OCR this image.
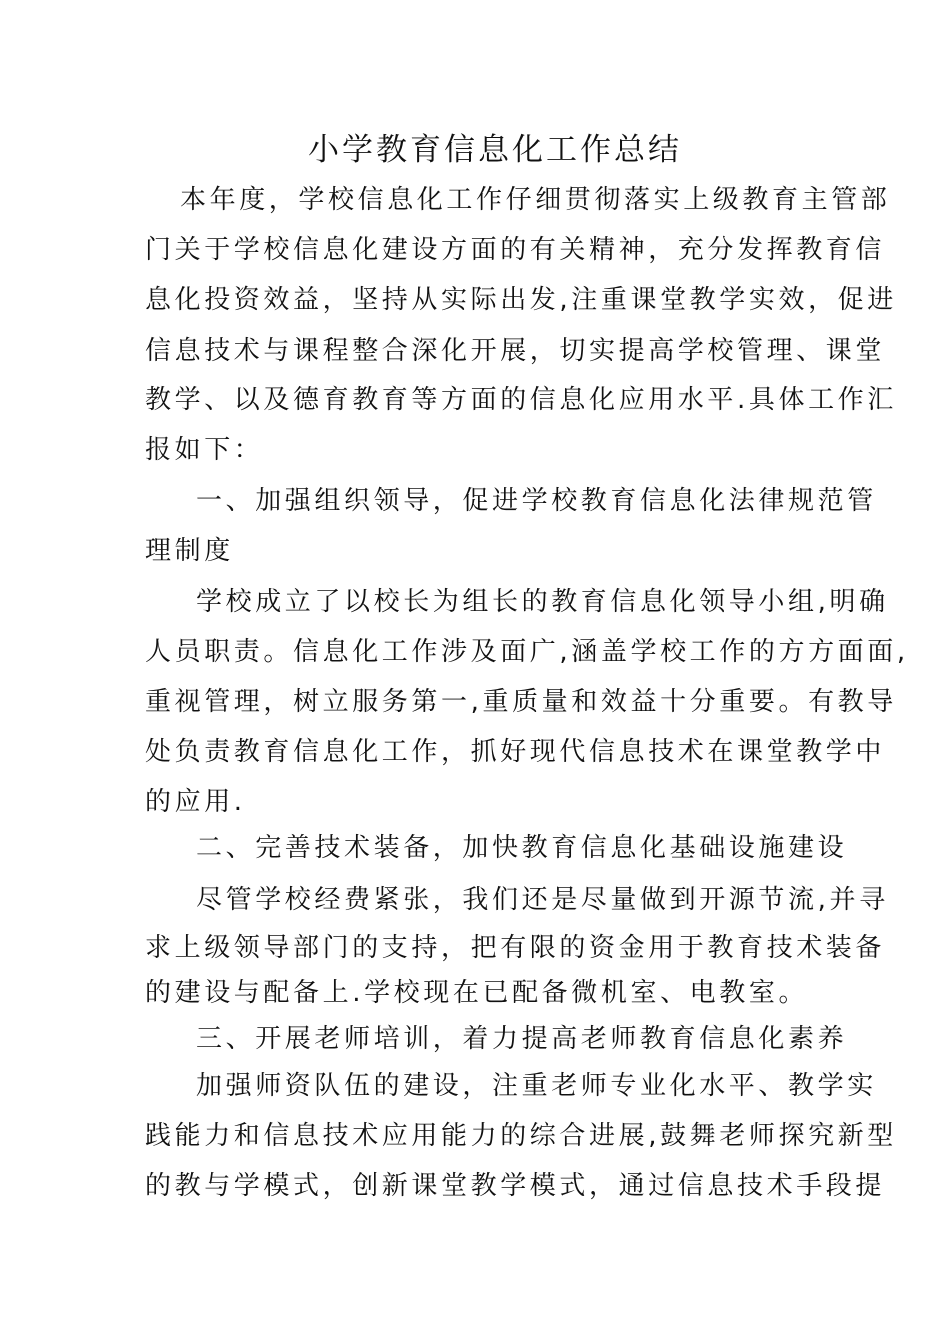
小学教育信息化工作总结
本年度，学校信息化工作仔细贯彻落实上级教育主管部
门关于学校信息化建设方面的有关精神，充分发挥教育信
息化投资效益，坚持从实际出发,注重课堂教学实效，促进
信息技术与课程整合深化开展，切实提高学校管理、课堂
教学、以及德育教育等方面的信息化应用水平.具体工作汇
报如下：
一、加强组织领导，促进学校教育信息化法律规范管
理制度
学校成立了以校长为组长的教育信息化领导小组,明确
人员职责。信息化工作涉及面广,涵盖学校工作的方方面面,
重视管理，树立服务第一,重质量和效益十分重要。有教导
处负责教育信息化工作，抓好现代信息技术在课堂教学中
的应用.
二、完善技术装备，加快教育信息化基础设施建设
尽管学校经费紧张，我们还是尽量做到开源节流,并寻
求上级领导部门的支持，把有限的资金用于教育技术装备
的建设与配备上.学校现在已配备微机室、电教室。
三、开展老师培训，着力提高老师教育信息化素养
加强师资队伍的建设，注重老师专业化水平、教学实
践能力和信息技术应用能力的综合进展,鼓舞老师探究新型
的教与学模式，创新课堂教学模式，通过信息技术手段提
